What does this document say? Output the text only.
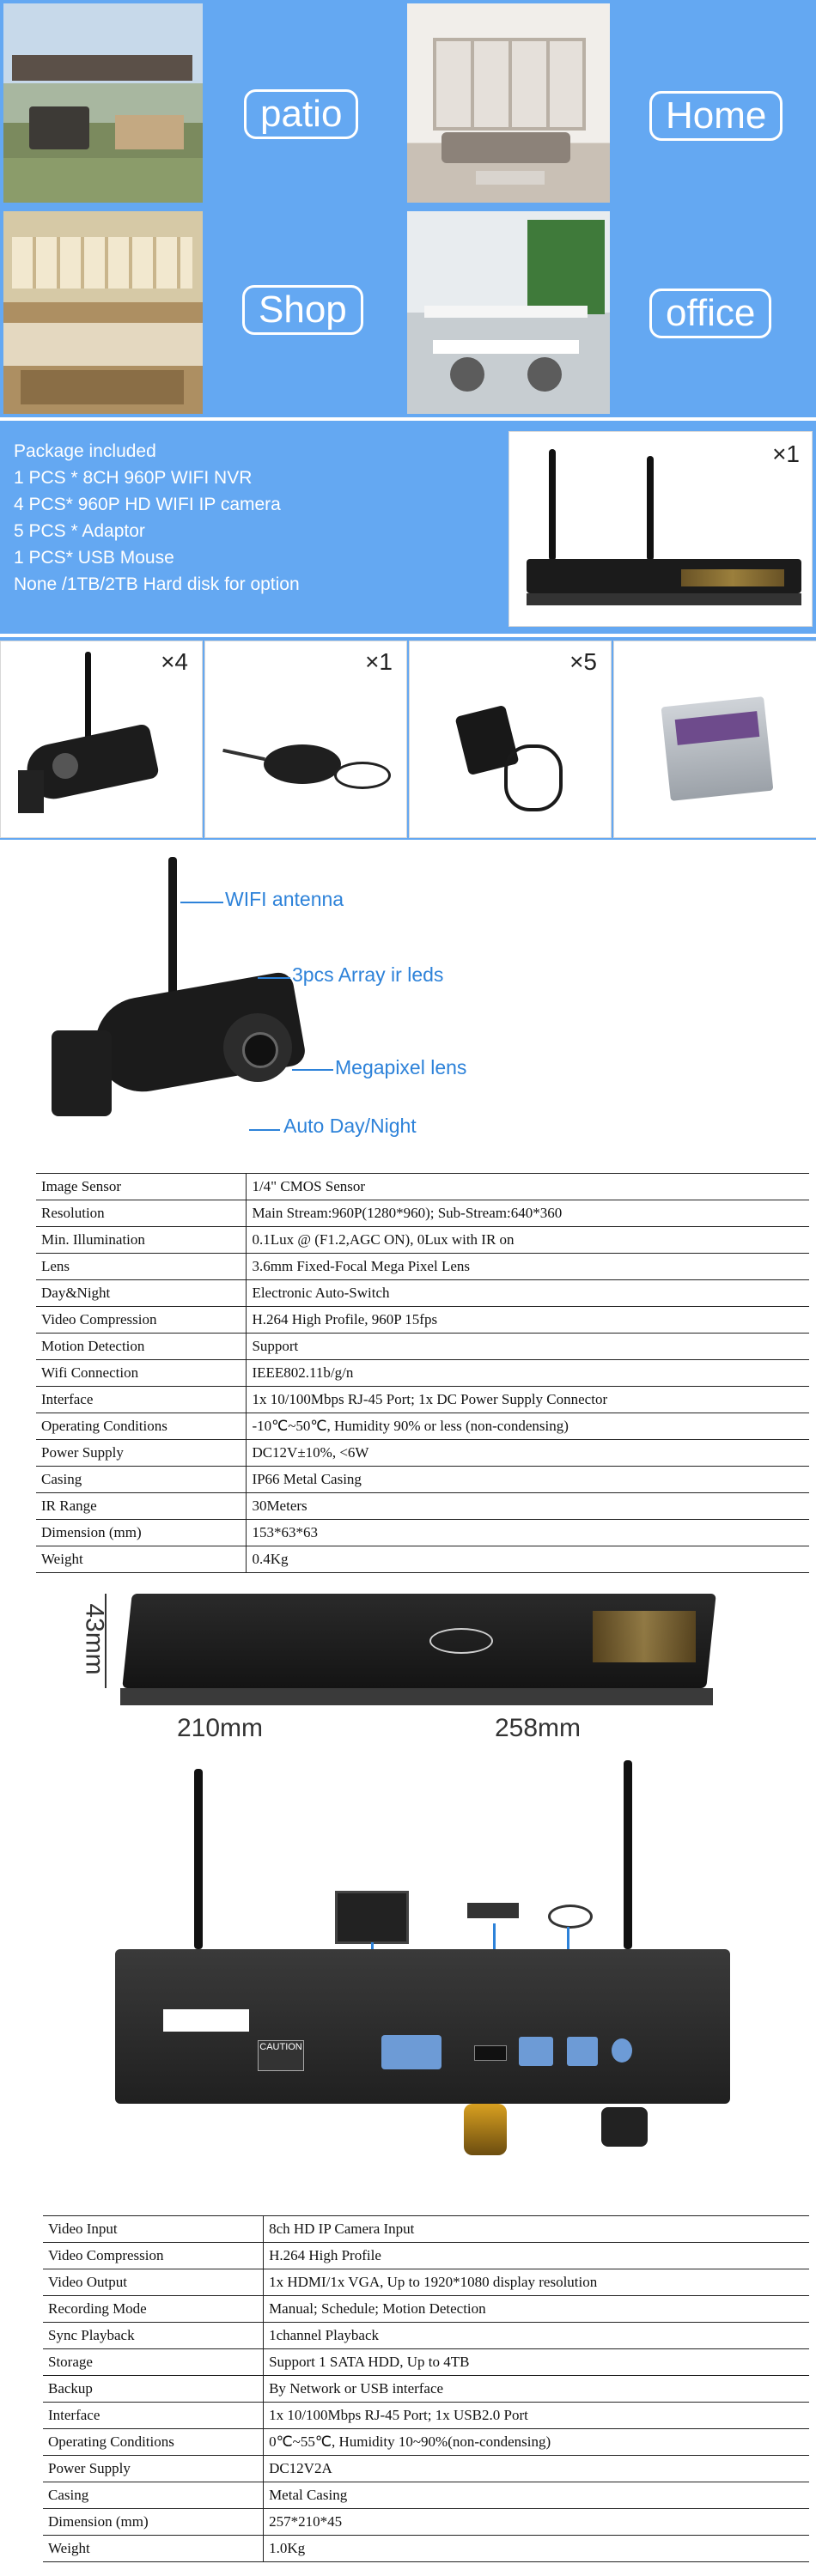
patio	Home
Shop	office
Package included
1 PCS * 8CH 960P WIFI NVR
4 PCS* 960P HD WIFI IP camera
5 PCS * Adaptor
1 PCS* USB Mouse
None /1TB/2TB Hard disk for option
×1
×4	×1	×5
WIFI antenna
3pcs Array ir leds
Megapixel lens
Auto Day/Night
Image Sensor	1/4" CMOS Sensor
Resolution	Main Stream:960P(1280*960); Sub-Stream:640*360
Min. Illumination	0.1Lux @ (F1.2,AGC ON), 0Lux with IR on
Lens	3.6mm Fixed-Focal Mega Pixel Lens
Day&Night	Electronic Auto-Switch
Video Compression	H.264 High Profile, 960P 15fps
Motion Detection	Support
Wifi Connection	IEEE802.11b/g/n
Interface	1x 10/100Mbps RJ-45 Port; 1x DC Power Supply Connector
Operating Conditions	-10℃~50℃, Humidity 90% or less (non-condensing)
Power Supply	DC12V±10%, <6W
Casing	IP66 Metal Casing
IR Range	30Meters
Dimension (mm)	153*63*63
Weight	0.4Kg
43mm
210mm	258mm
CAUTION
Video Input	8ch HD IP Camera Input
Video Compression	H.264 High Profile
Video Output	1x HDMI/1x VGA, Up to 1920*1080 display resolution
Recording Mode	Manual; Schedule; Motion Detection
Sync Playback	1channel Playback
Storage	Support 1 SATA HDD, Up to 4TB
Backup	By Network or USB interface
Interface	1x 10/100Mbps RJ-45 Port; 1x USB2.0 Port
Operating Conditions	0℃~55℃, Humidity 10~90%(non-condensing)
Power Supply	DC12V2A
Casing	Metal Casing
Dimension (mm)	257*210*45
Weight	1.0Kg
